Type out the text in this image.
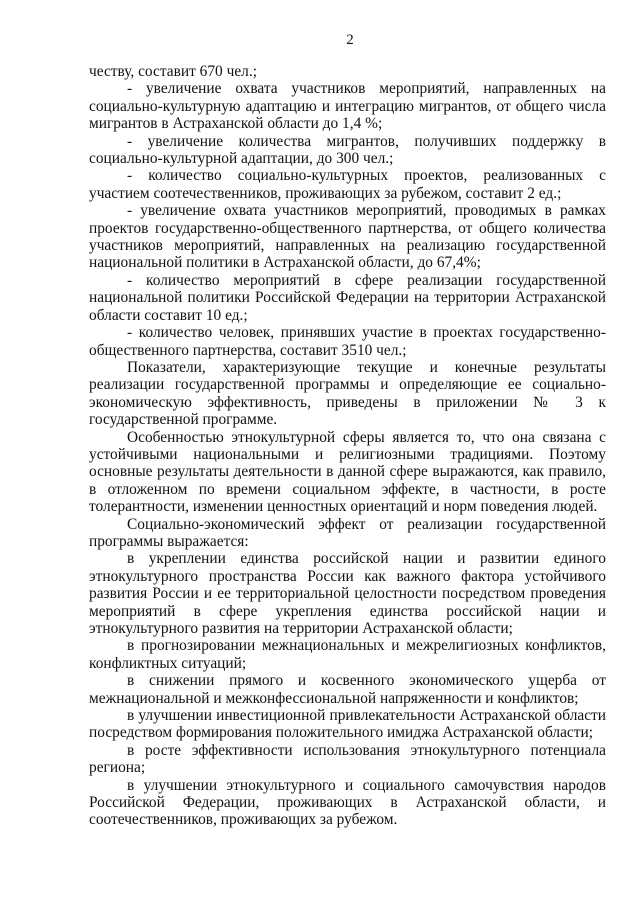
2

честву, составит 670 чел.;

- увеличение охвата участников мероприятий, направленных на социально-культурную адаптацию и интеграцию мигрантов, от общего числа мигрантов в Астраханской области до 1,4 %;

- увеличение количества мигрантов, получивших поддержку в социально-культурной адаптации, до 300 чел.;

- количество социально-культурных проектов, реализованных с участием соотечественников, проживающих за рубежом, составит 2 ед.;

- увеличение охвата участников мероприятий, проводимых в рамках проектов государственно-общественного партнерства, от общего количества участников мероприятий, направленных на реализацию государственной национальной политики в Астраханской области, до 67,4%;

- количество мероприятий в сфере реализации государственной национальной политики Российской Федерации на территории Астраханской области составит 10 ед.;

- количество человек, принявших участие в проектах государственно-общественного партнерства, составит 3510 чел.;

Показатели, характеризующие текущие и конечные результаты реализации государственной программы и определяющие ее социально-экономическую эффективность, приведены в приложении № 3 к государственной программе.

Особенностью этнокультурной сферы является то, что она связана с устойчивыми национальными и религиозными традициями. Поэтому основные результаты деятельности в данной сфере выражаются, как правило, в отложенном по времени социальном эффекте, в частности, в росте толерантности, изменении ценностных ориентаций и норм поведения людей.

Социально-экономический эффект от реализации государственной программы выражается:

в укреплении единства российской нации и развитии единого этнокультурного пространства России как важного фактора устойчивого развития России и ее территориальной целостности посредством проведения мероприятий в сфере укрепления единства российской нации и этнокультурного развития на территории Астраханской области;

в прогнозировании межнациональных и межрелигиозных конфликтов, конфликтных ситуаций;

в снижении прямого и косвенного экономического ущерба от межнациональной и межконфессиональной напряженности и конфликтов;

в улучшении инвестиционной привлекательности Астраханской области посредством формирования положительного имиджа Астраханской области;

в росте эффективности использования этнокультурного потенциала региона;

в улучшении этнокультурного и социального самочувствия народов Российской Федерации, проживающих в Астраханской области, и соотечественников, проживающих за рубежом.
